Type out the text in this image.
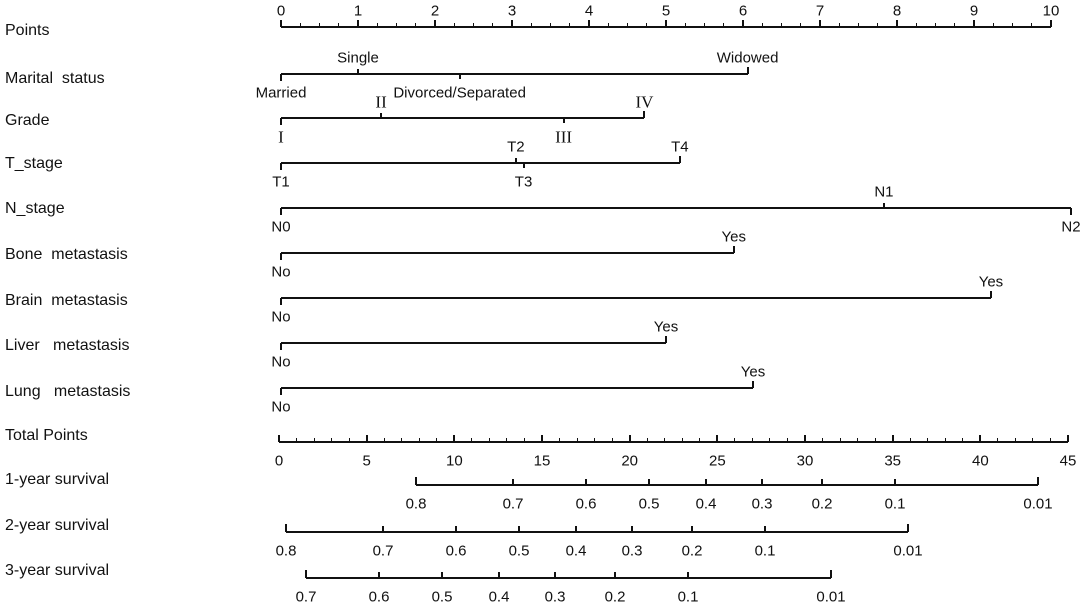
Points
Marital  status
Grade
T_stage
N_stage
Bone  metastasis
Brain  metastasis
Liver   metastasis
Lung   metastasis
Total Points
1-year survival
2-year survival
3-year survival
0	1	2	3	4	5	6	7	8	9	10
Married
Single
Divorced/Separated
Widowed
I
II
III
IV
T1
T2
T3
T4
N0
N1
N2
No
Yes
No
Yes
No
Yes
No
Yes
0	5	10	15	20	25	30	35	40	45
0.8	0.7	0.6	0.5 0.4 0.3	0.2	0.1	0.01
0.8	0.7	0.6	0.5 0.4 0.3	0.2	0.1	0.01
0.7	0.6	0.5 0.4 0.3	0.2	0.1	0.01
